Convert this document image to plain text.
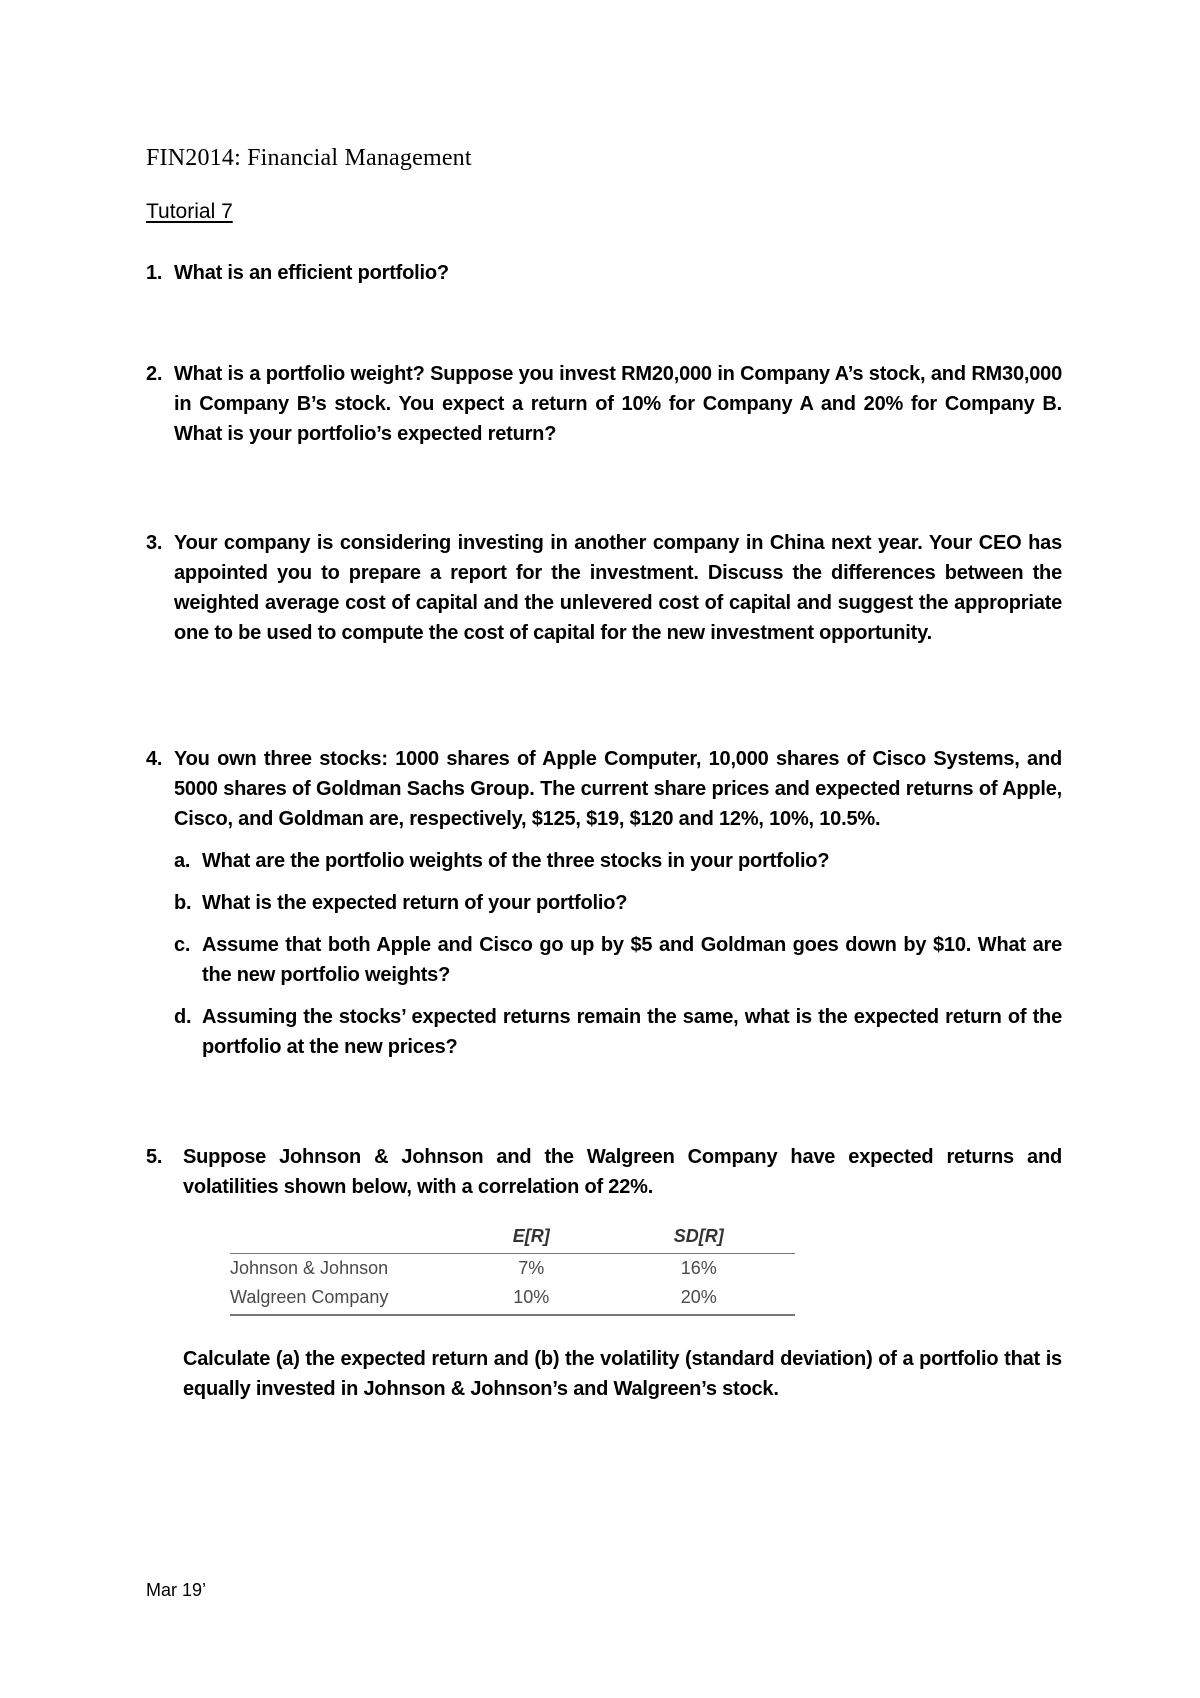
FIN2014: Financial Management
Tutorial 7
1. What is an efficient portfolio?
2. What is a portfolio weight? Suppose you invest RM20,000 in Company A’s stock, and RM30,000 in Company B’s stock. You expect a return of 10% for Company A and 20% for Company B. What is your portfolio’s expected return?
3. Your company is considering investing in another company in China next year. Your CEO has appointed you to prepare a report for the investment. Discuss the differences between the weighted average cost of capital and the unlevered cost of capital and suggest the appropriate one to be used to compute the cost of capital for the new investment opportunity.
4. You own three stocks: 1000 shares of Apple Computer, 10,000 shares of Cisco Systems, and 5000 shares of Goldman Sachs Group. The current share prices and expected returns of Apple, Cisco, and Goldman are, respectively, $125, $19, $120 and 12%, 10%, 10.5%.
a. What are the portfolio weights of the three stocks in your portfolio?
b. What is the expected return of your portfolio?
c. Assume that both Apple and Cisco go up by $5 and Goldman goes down by $10. What are the new portfolio weights?
d. Assuming the stocks’ expected returns remain the same, what is the expected return of the portfolio at the new prices?
5.	Suppose Johnson & Johnson and the Walgreen Company have expected returns and volatilities shown below, with a correlation of 22%.
	E[R]	SD[R]
Johnson & Johnson	7%	16%
Walgreen Company	10%	20%
Calculate (a) the expected return and (b) the volatility (standard deviation) of a portfolio that is equally invested in Johnson & Johnson’s and Walgreen’s stock.
Mar 19’
